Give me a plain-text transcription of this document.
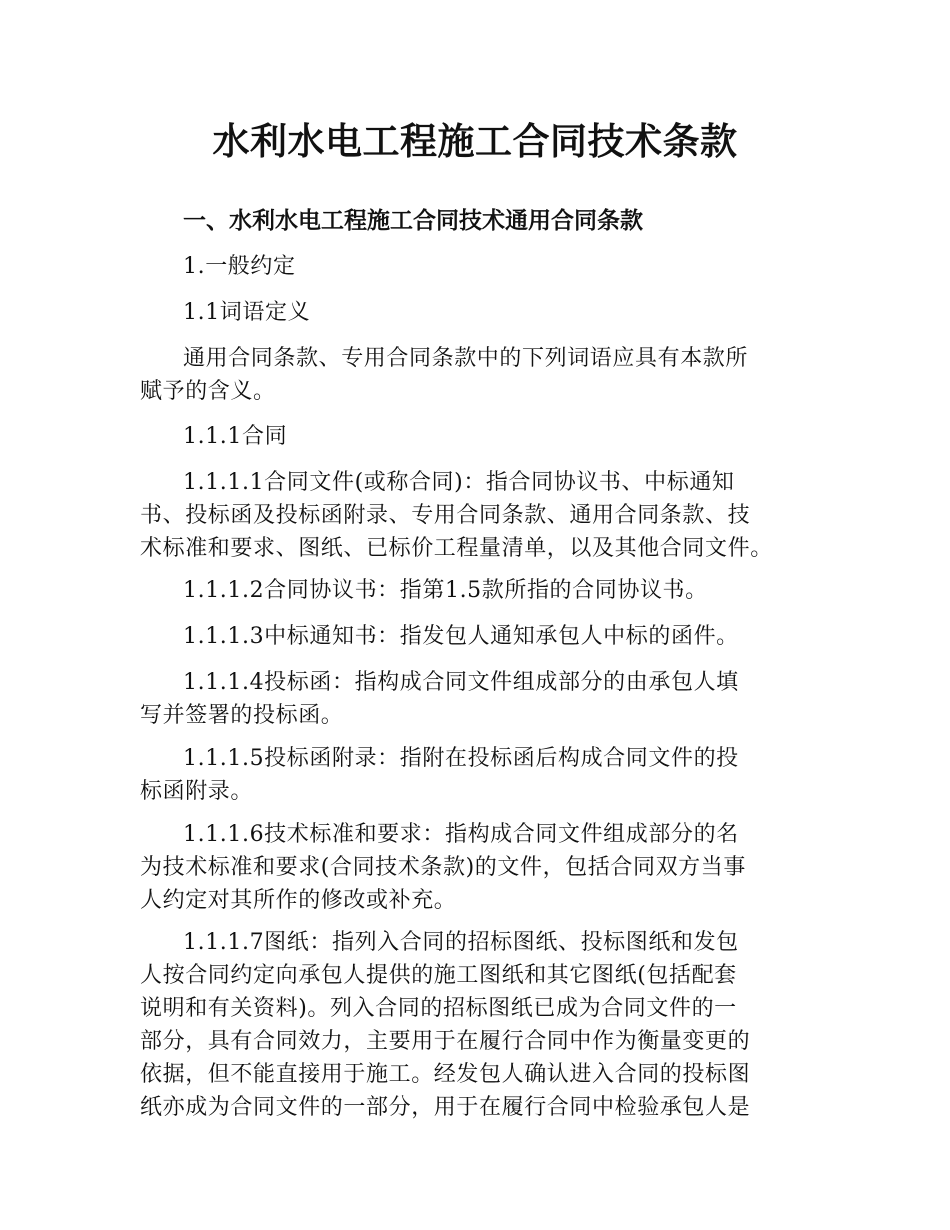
水利水电工程施工合同技术条款
一、水利水电工程施工合同技术通用合同条款

1.一般约定

1.1词语定义

通用合同条款、专用合同条款中的下列词语应具有本款所
赋予的含义。

1.1.1合同

1.1.1.1合同文件(或称合同)：指合同协议书、中标通知
书、投标函及投标函附录、专用合同条款、通用合同条款、技
术标准和要求、图纸、已标价工程量清单，以及其他合同文件。

1.1.1.2合同协议书：指第1.5款所指的合同协议书。

1.1.1.3中标通知书：指发包人通知承包人中标的函件。

1.1.1.4投标函：指构成合同文件组成部分的由承包人填
写并签署的投标函。

1.1.1.5投标函附录：指附在投标函后构成合同文件的投
标函附录。

1.1.1.6技术标准和要求：指构成合同文件组成部分的名
为技术标准和要求(合同技术条款)的文件，包括合同双方当事
人约定对其所作的修改或补充。

1.1.1.7图纸：指列入合同的招标图纸、投标图纸和发包
人按合同约定向承包人提供的施工图纸和其它图纸(包括配套
说明和有关资料)。列入合同的招标图纸已成为合同文件的一
部分，具有合同效力，主要用于在履行合同中作为衡量变更的
依据，但不能直接用于施工。经发包人确认进入合同的投标图
纸亦成为合同文件的一部分，用于在履行合同中检验承包人是
